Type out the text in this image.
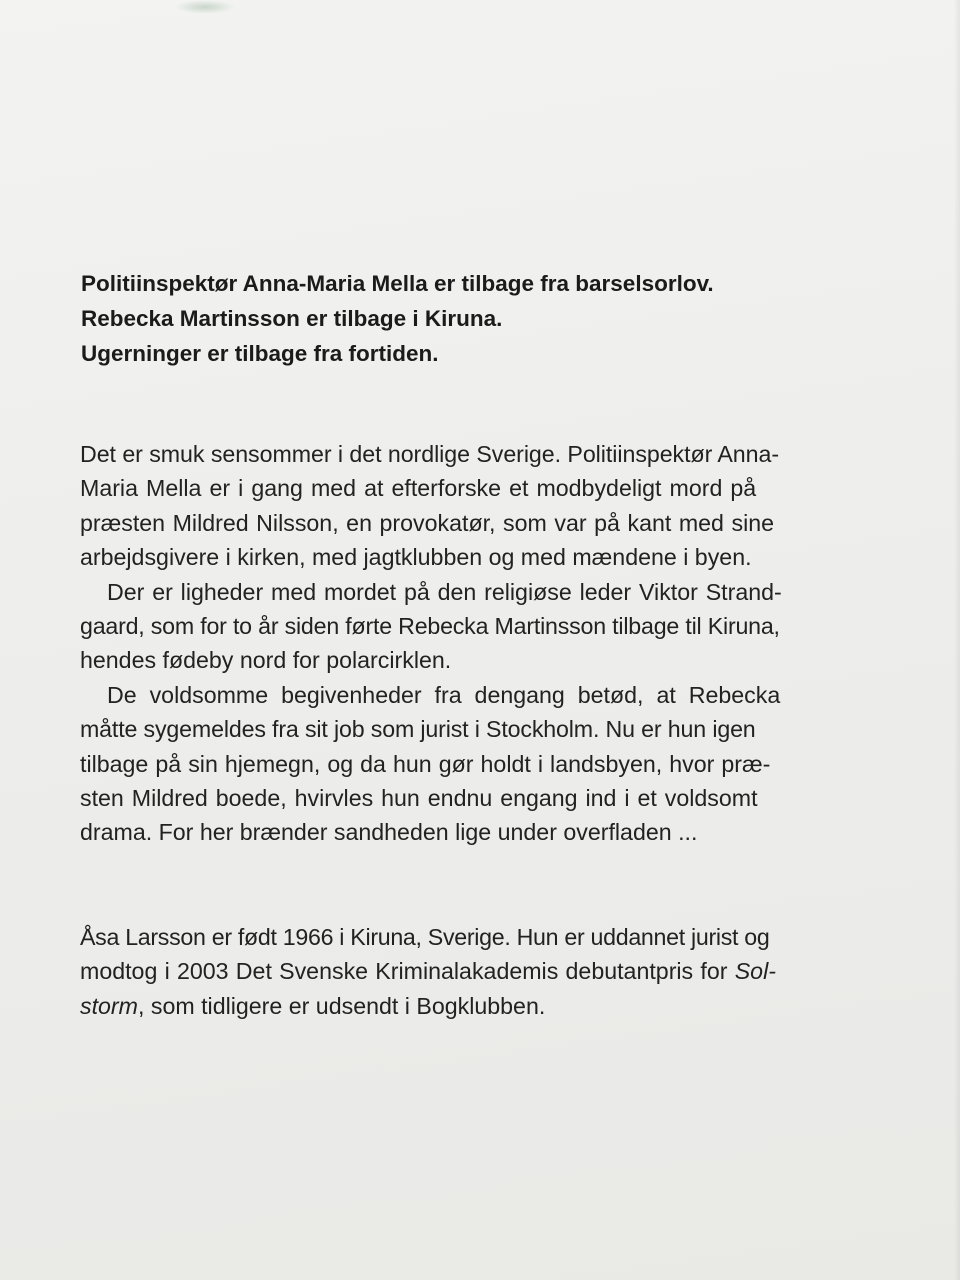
Politiinspektør Anna-Maria Mella er tilbage fra barselsorlov.
Rebecka Martinsson er tilbage i Kiruna.
Ugerninger er tilbage fra fortiden.
Det er smuk sensommer i det nordlige Sverige. Politiinspektør Anna-
Maria Mella er i gang med at efterforske et modbydeligt mord på
præsten Mildred Nilsson, en provokatør, som var på kant med sine
arbejdsgivere i kirken, med jagtklubben og med mændene i byen.
Der er ligheder med mordet på den religiøse leder Viktor Strand-
gaard, som for to år siden førte Rebecka Martinsson tilbage til Kiruna,
hendes fødeby nord for polarcirklen.
De voldsomme begivenheder fra dengang betød, at Rebecka
måtte sygemeldes fra sit job som jurist i Stockholm. Nu er hun igen
tilbage på sin hjemegn, og da hun gør holdt i landsbyen, hvor præ-
sten Mildred boede, hvirvles hun endnu engang ind i et voldsomt
drama. For her brænder sandheden lige under overfladen ...
Åsa Larsson er født 1966 i Kiruna, Sverige. Hun er uddannet jurist og
modtog i 2003 Det Svenske Kriminalakademis debutantpris for Sol-
storm, som tidligere er udsendt i Bogklubben.
